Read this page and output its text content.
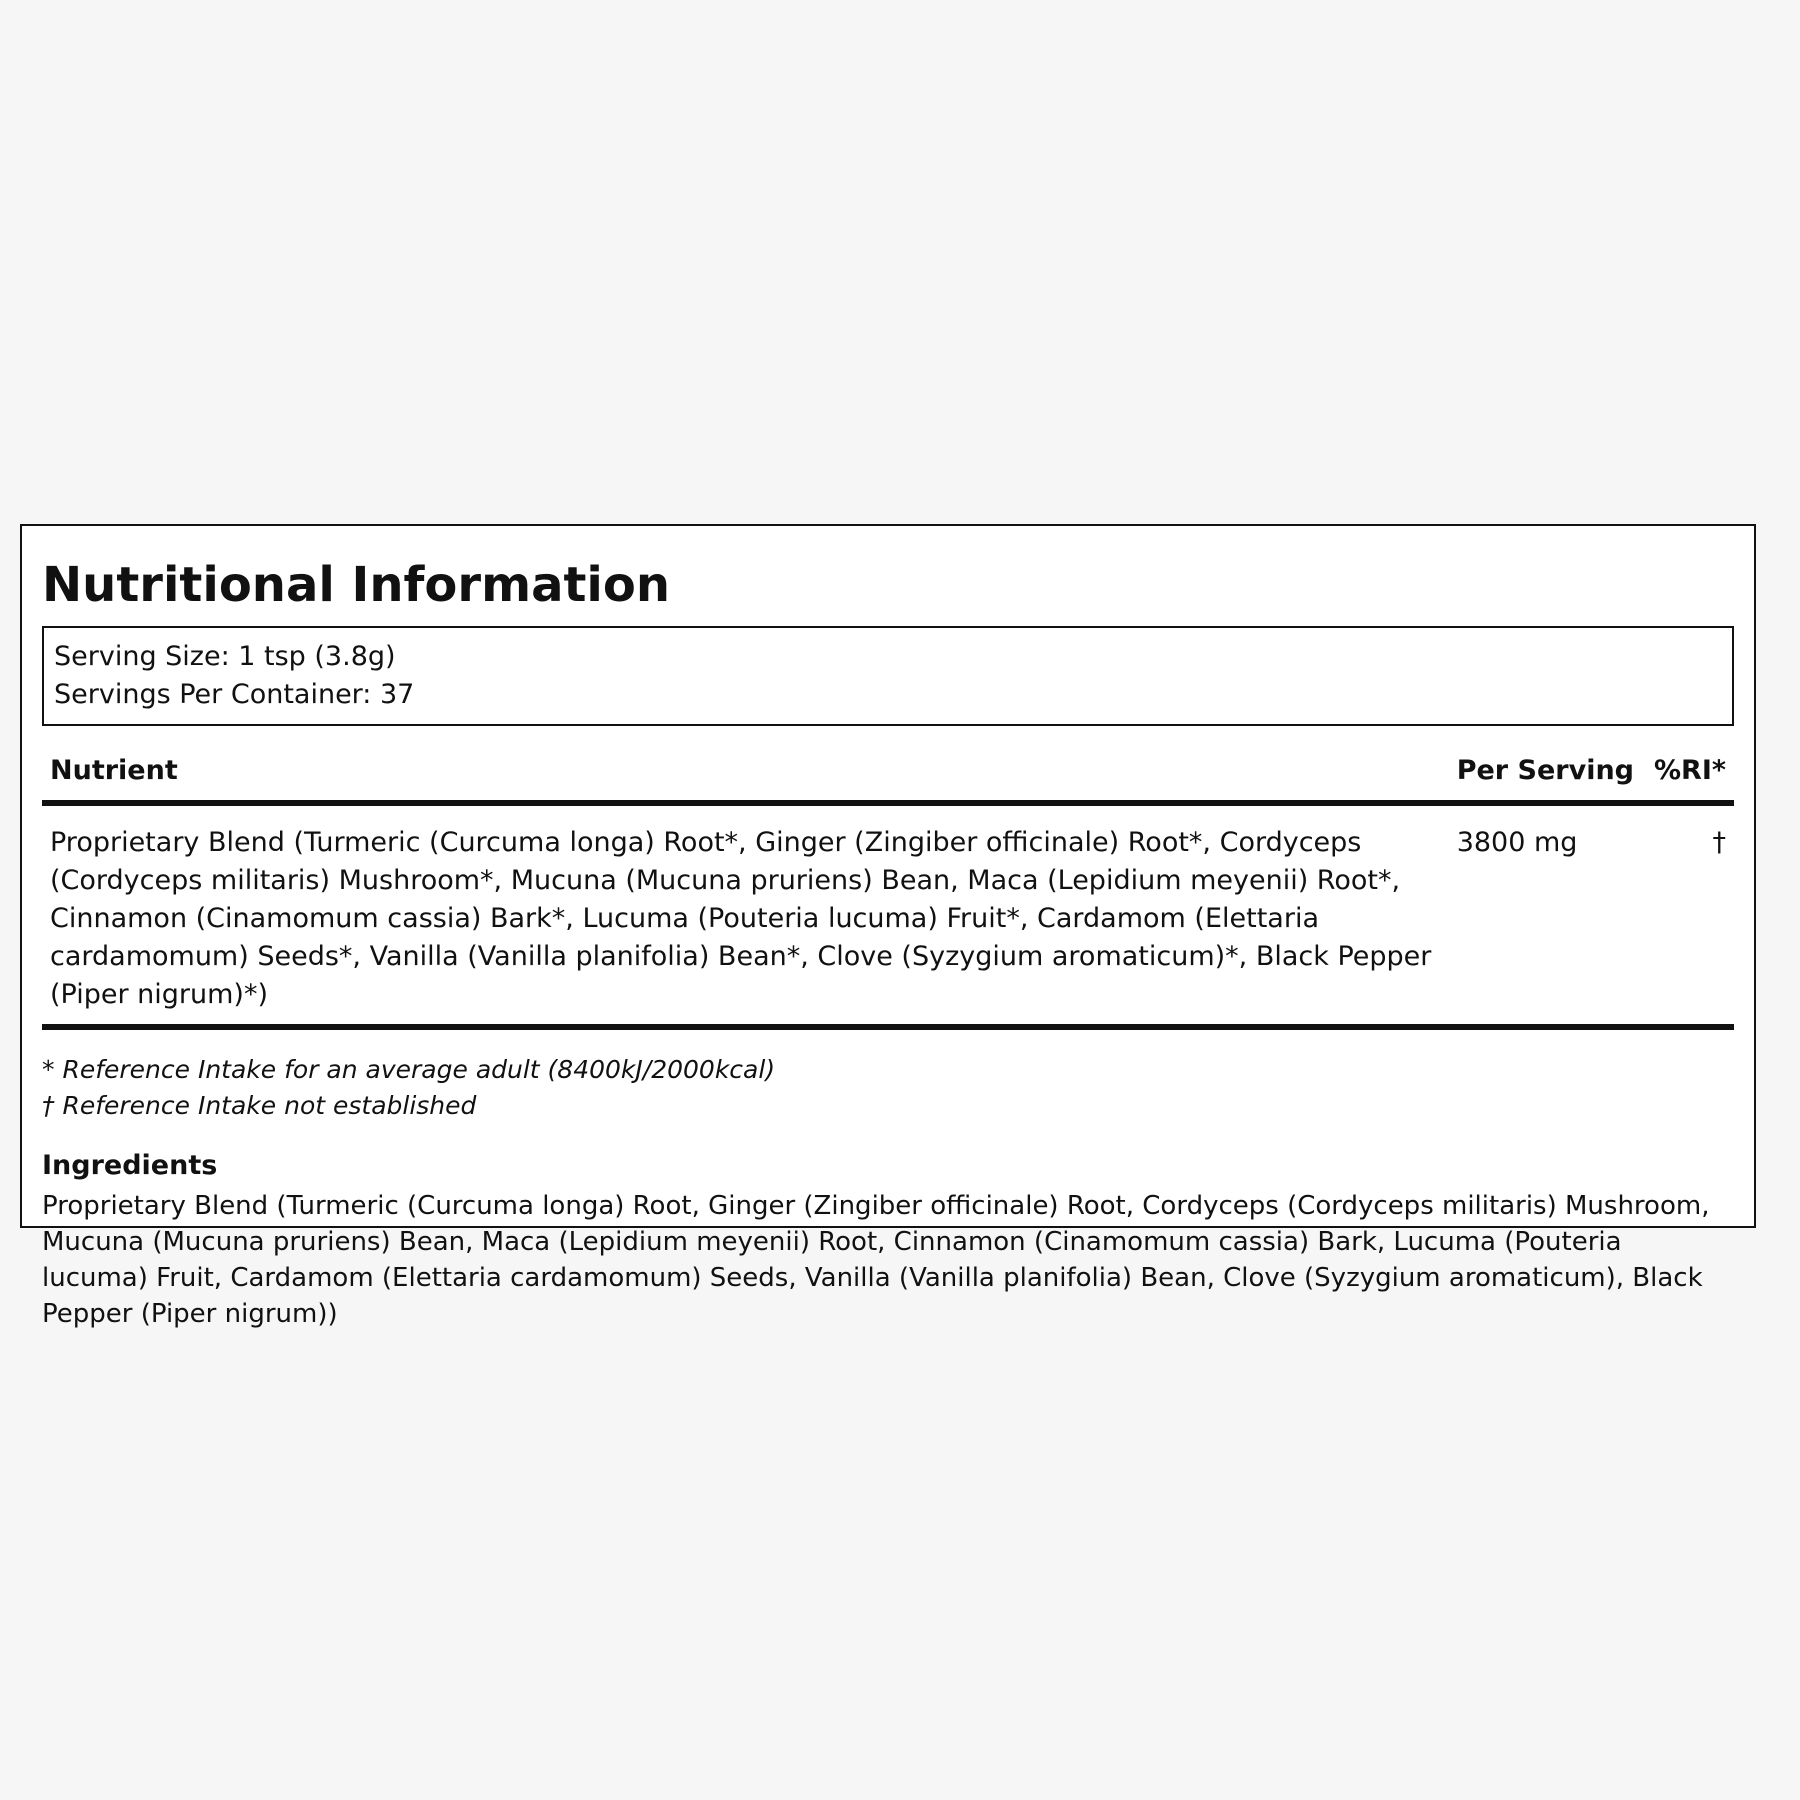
Nutritional Information
Serving Size: 1 tsp (3.8g)
Servings Per Container: 37
Nutrient	Per Serving	%RI*
Proprietary Blend (Turmeric (Curcuma longa) Root*, Ginger (Zingiber officinale) Root*, Cordyceps (Cordyceps militaris) Mushroom*, Mucuna (Mucuna pruriens) Bean, Maca (Lepidium meyenii) Root*, Cinnamon (Cinamomum cassia) Bark*, Lucuma (Pouteria lucuma) Fruit*, Cardamom (Elettaria cardamomum) Seeds*, Vanilla (Vanilla planifolia) Bean*, Clove (Syzygium aromaticum)*, Black Pepper (Piper nigrum)*)	3800 mg	†
* Reference Intake for an average adult (8400kJ/2000kcal)
† Reference Intake not established
Ingredients
Proprietary Blend (Turmeric (Curcuma longa) Root, Ginger (Zingiber officinale) Root, Cordyceps (Cordyceps militaris) Mushroom, Mucuna (Mucuna pruriens) Bean, Maca (Lepidium meyenii) Root, Cinnamon (Cinamomum cassia) Bark, Lucuma (Pouteria lucuma) Fruit, Cardamom (Elettaria cardamomum) Seeds, Vanilla (Vanilla planifolia) Bean, Clove (Syzygium aromaticum), Black Pepper (Piper nigrum))
